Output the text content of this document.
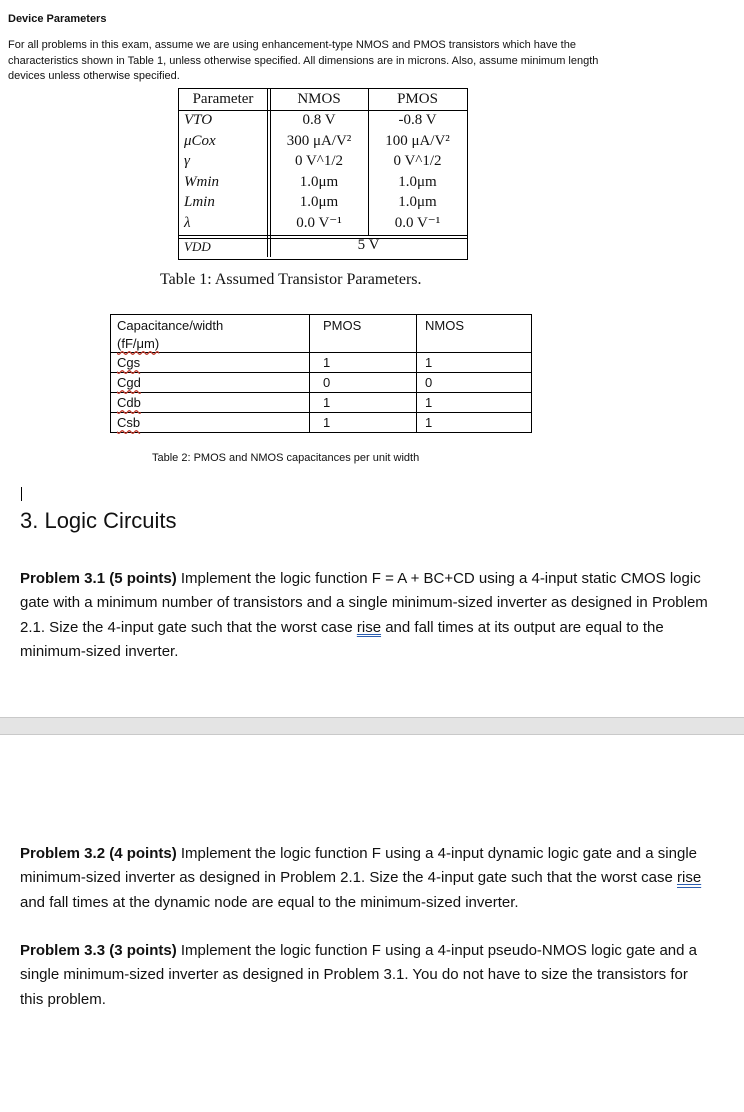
Device Parameters
For all problems in this exam, assume we are using enhancement-type NMOS and PMOS transistors which have the characteristics shown in Table 1, unless otherwise specified. All dimensions are in microns. Also, assume minimum length devices unless otherwise specified.
Parameter	NMOS	PMOS
VTO	0.8 V	-0.8 V
μCox	300 μA/V²	100 μA/V²
γ	0 V^1/2	0 V^1/2
Wmin	1.0μm	1.0μm
Lmin	1.0μm	1.0μm
λ	0.0 V⁻¹	0.0 V⁻¹
VDD	5 V
Table 1: Assumed Transistor Parameters.
Capacitance/width
(fF/μm)
PMOS	NMOS
Cgs	1	1
Cgd	0	0
Cdb	1	1
Csb	1	1
Table 2: PMOS and NMOS capacitances per unit width
3. Logic Circuits
Problem 3.1 (5 points) Implement the logic function F = A + BC+CD using a 4-input static CMOS logic gate with a minimum number of transistors and a single minimum-sized inverter as designed in Problem 2.1. Size the 4-input gate such that the worst case rise and fall times at its output are equal to the minimum-sized inverter.
Problem 3.2 (4 points) Implement the logic function F using a 4-input dynamic logic gate and a single minimum-sized inverter as designed in Problem 2.1. Size the 4-input gate such that the worst case rise and fall times at the dynamic node are equal to the minimum-sized inverter.
Problem 3.3 (3 points) Implement the logic function F using a 4-input pseudo-NMOS logic gate and a single minimum-sized inverter as designed in Problem 3.1. You do not have to size the transistors for this problem.
